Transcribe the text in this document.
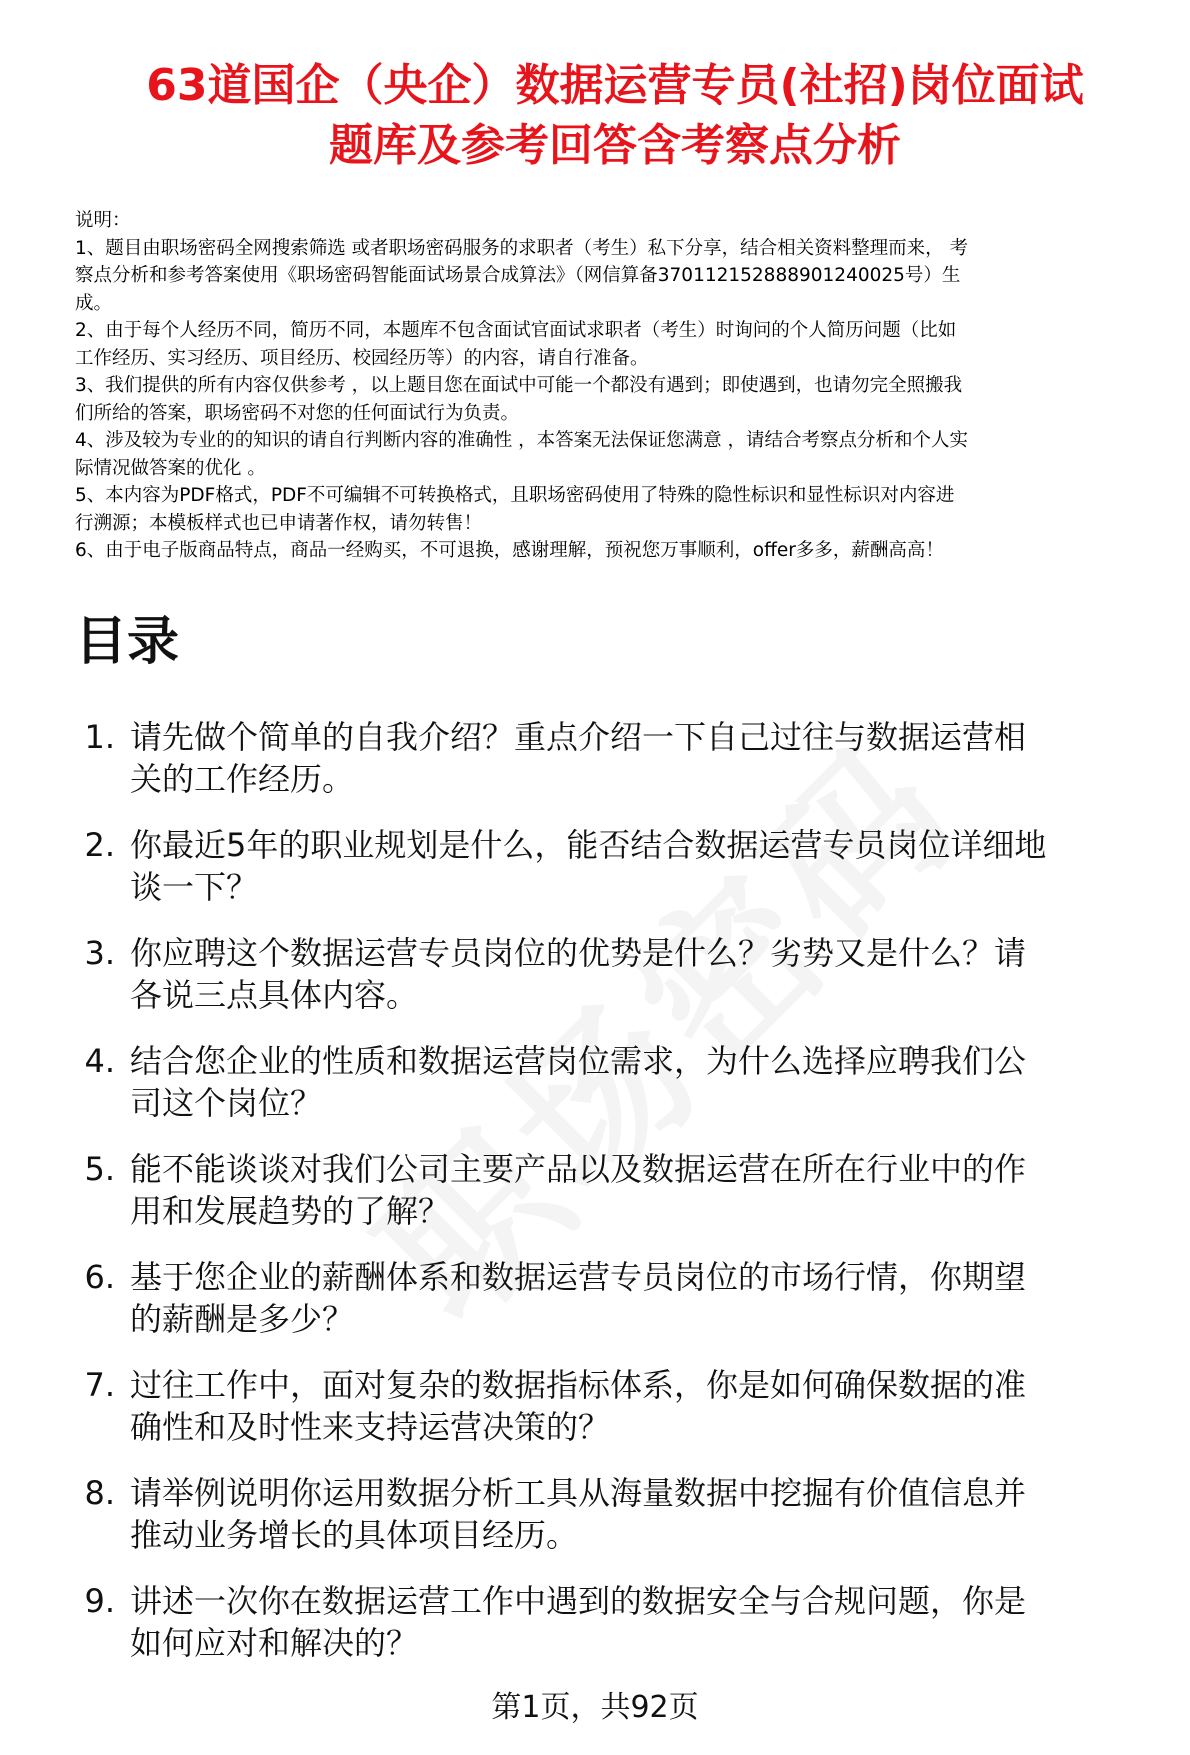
63道国企（央企）数据运营专员(社招)岗位面试
题库及参考回答含考察点分析
说明：
1、题目由职场密码全网搜索筛选 或者职场密码服务的求职者（考生）私下分享，结合相关资料整理而来， 考
察点分析和参考答案使用《职场密码智能面试场景合成算法》（网信算备370112152888901240025号）生
成。
2、由于每个人经历不同，简历不同，本题库不包含面试官面试求职者（考生）时询问的个人简历问题（比如
工作经历、实习经历、项目经历、校园经历等）的内容，请自行准备。
3、我们提供的所有内容仅供参考 ，以上题目您在面试中可能一个都没有遇到；即使遇到，也请勿完全照搬我
们所给的答案，职场密码不对您的任何面试行为负责。
4、涉及较为专业的的知识的请自行判断内容的准确性 ，本答案无法保证您满意 ，请结合考察点分析和个人实
际情况做答案的优化 。
5、本内容为PDF格式，PDF不可编辑不可转换格式，且职场密码使用了特殊的隐性标识和显性标识对内容进
行溯源；本模板样式也已申请著作权，请勿转售！
6、由于电子版商品特点，商品一经购买，不可退换，感谢理解，预祝您万事顺利，offer多多，薪酬高高！
目录
1. 请先做个简单的自我介绍？重点介绍一下自己过往与数据运营相
关的工作经历。
2. 你最近5年的职业规划是什么，能否结合数据运营专员岗位详细地
谈一下？
3. 你应聘这个数据运营专员岗位的优势是什么？劣势又是什么？请
各说三点具体内容。
4. 结合您企业的性质和数据运营岗位需求，为什么选择应聘我们公
司这个岗位？
5. 能不能谈谈对我们公司主要产品以及数据运营在所在行业中的作
用和发展趋势的了解？
6. 基于您企业的薪酬体系和数据运营专员岗位的市场行情，你期望
的薪酬是多少？
7. 过往工作中，面对复杂的数据指标体系，你是如何确保数据的准
确性和及时性来支持运营决策的？
8. 请举例说明你运用数据分析工具从海量数据中挖掘有价值信息并
推动业务增长的具体项目经历。
9. 讲述一次你在数据运营工作中遇到的数据安全与合规问题，你是
如何应对和解决的？
第1页，共92页
